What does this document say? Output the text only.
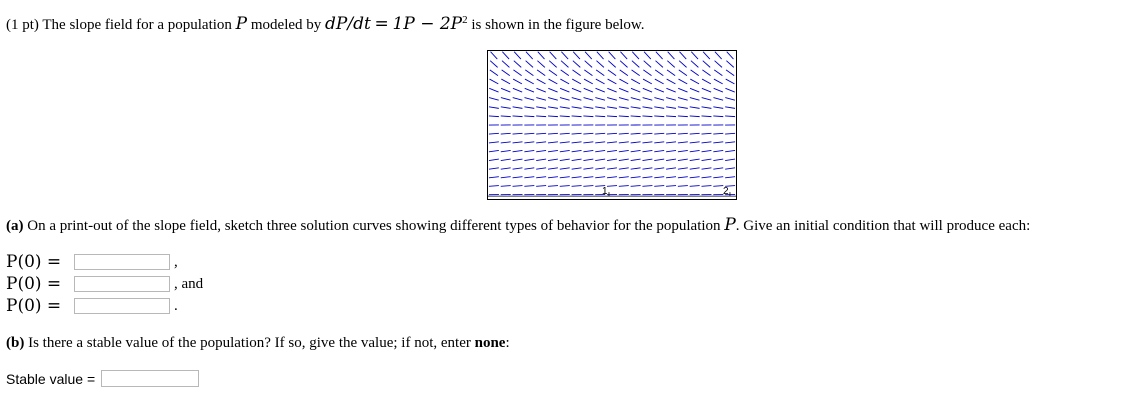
(1 pt) The slope field for a population P modeled by $dP/dt = 1P - 2P^2$ is shown in the figure below.
1	2
(a) On a print-out of the slope field, sketch three solution curves showing different types of behavior for the population P. Give an initial condition that will produce each:
P(0) =	,
P(0) =	, and
P(0) =	.
(b) Is there a stable value of the population? If so, give the value; if not, enter none:
Stable value =
